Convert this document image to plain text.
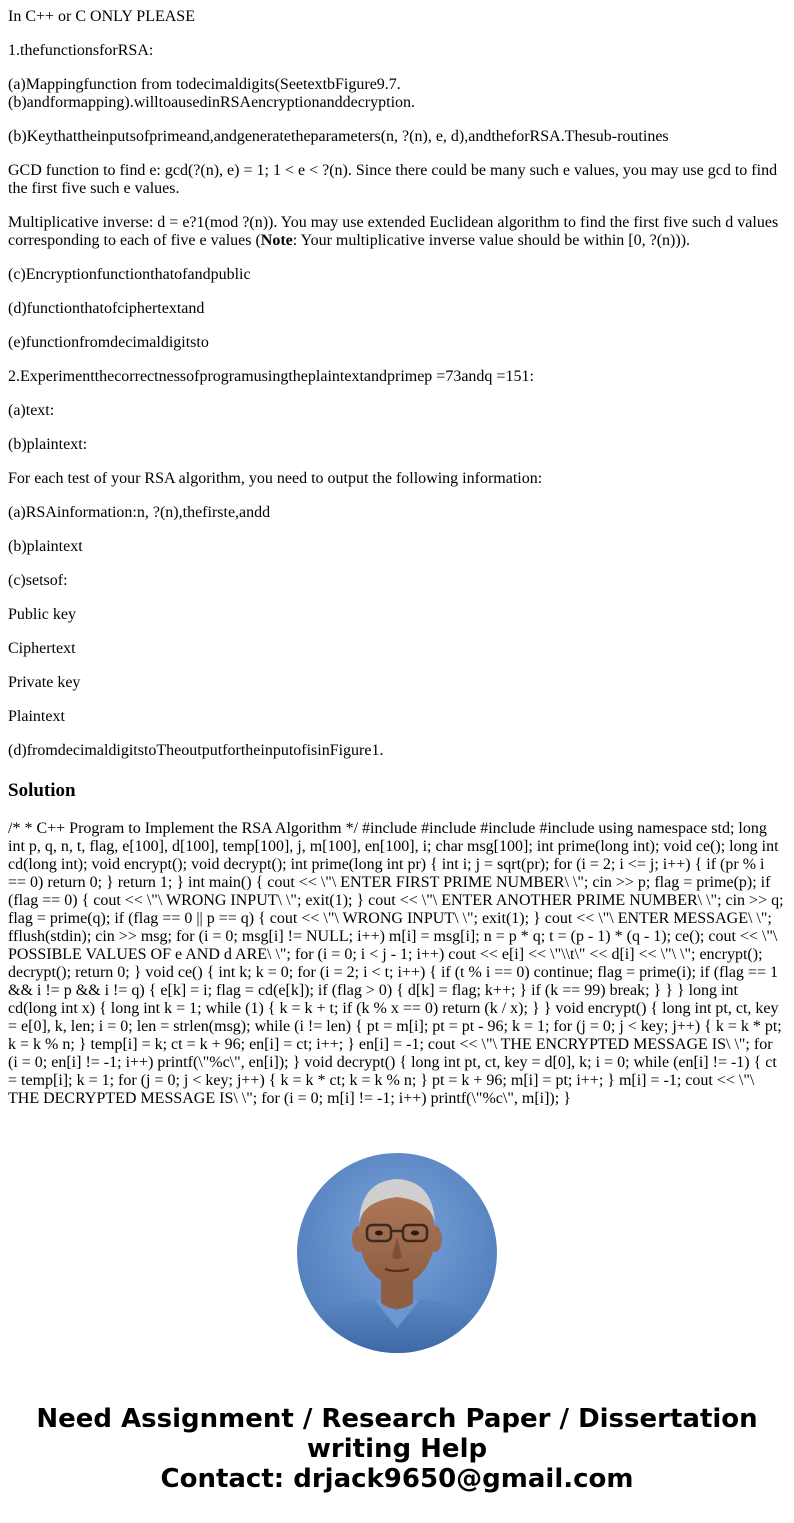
In C++ or C ONLY PLEASE
1.thefunctionsforRSA:
(a)Mappingfunction from todecimaldigits(SeetextbFigure9.7.
(b)andformapping).willtoausedinRSAencryptionanddecryption.
(b)Keythattheinputsofprimeand,andgeneratetheparameters(n, ?(n), e, d),andtheforRSA.Thesub-routines
GCD function to find e: gcd(?(n), e) = 1; 1 < e < ?(n). Since there could be many such e values, you may use gcd to find the first five such e values.
Multiplicative inverse: d = e?1(mod ?(n)). You may use extended Euclidean algorithm to find the first five such d values corresponding to each of five e values (Note: Your multiplicative inverse value should be within [0, ?(n))).
(c)Encryptionfunctionthatofandpublic
(d)functionthatofciphertextand
(e)functionfromdecimaldigitsto
2.Experimentthecorrectnessofprogramusingtheplaintextandprimep =73andq =151:
(a)text:
(b)plaintext:
For each test of your RSA algorithm, you need to output the following information:
(a)RSAinformation:n, ?(n),thefirste,andd
(b)plaintext
(c)setsof:
Public key
Ciphertext
Private key
Plaintext
(d)fromdecimaldigitstoTheoutputfortheinputofisinFigure1.
Solution
/* * C++ Program to Implement the RSA Algorithm */ #include #include #include #include using namespace std; long int p, q, n, t, flag, e[100], d[100], temp[100], j, m[100], en[100], i; char msg[100]; int prime(long int); void ce(); long int cd(long int); void encrypt(); void decrypt(); int prime(long int pr) { int i; j = sqrt(pr); for (i = 2; i <= j; i++) { if (pr % i == 0) return 0; } return 1; } int main() { cout << \"\ ENTER FIRST PRIME NUMBER\ \"; cin >> p; flag = prime(p); if (flag == 0) { cout << \"\ WRONG INPUT\ \"; exit(1); } cout << \"\ ENTER ANOTHER PRIME NUMBER\ \"; cin >> q; flag = prime(q); if (flag == 0 || p == q) { cout << \"\ WRONG INPUT\ \"; exit(1); } cout << \"\ ENTER MESSAGE\ \"; fflush(stdin); cin >> msg; for (i = 0; msg[i] != NULL; i++) m[i] = msg[i]; n = p * q; t = (p - 1) * (q - 1); ce(); cout << \"\ POSSIBLE VALUES OF e AND d ARE\ \"; for (i = 0; i < j - 1; i++) cout << e[i] << \"\\t\" << d[i] << \"\ \"; encrypt(); decrypt(); return 0; } void ce() { int k; k = 0; for (i = 2; i < t; i++) { if (t % i == 0) continue; flag = prime(i); if (flag == 1 && i != p && i != q) { e[k] = i; flag = cd(e[k]); if (flag > 0) { d[k] = flag; k++; } if (k == 99) break; } } } long int cd(long int x) { long int k = 1; while (1) { k = k + t; if (k % x == 0) return (k / x); } } void encrypt() { long int pt, ct, key = e[0], k, len; i = 0; len = strlen(msg); while (i != len) { pt = m[i]; pt = pt - 96; k = 1; for (j = 0; j < key; j++) { k = k * pt; k = k % n; } temp[i] = k; ct = k + 96; en[i] = ct; i++; } en[i] = -1; cout << \"\ THE ENCRYPTED MESSAGE IS\ \"; for (i = 0; en[i] != -1; i++) printf(\"%c\", en[i]); } void decrypt() { long int pt, ct, key = d[0], k; i = 0; while (en[i] != -1) { ct = temp[i]; k = 1; for (j = 0; j < key; j++) { k = k * ct; k = k % n; } pt = k + 96; m[i] = pt; i++; } m[i] = -1; cout << \"\ THE DECRYPTED MESSAGE IS\ \"; for (i = 0; m[i] != -1; i++) printf(\"%c\", m[i]); }
Need Assignment / Research Paper / Dissertation
writing Help
Contact: drjack9650@gmail.com
